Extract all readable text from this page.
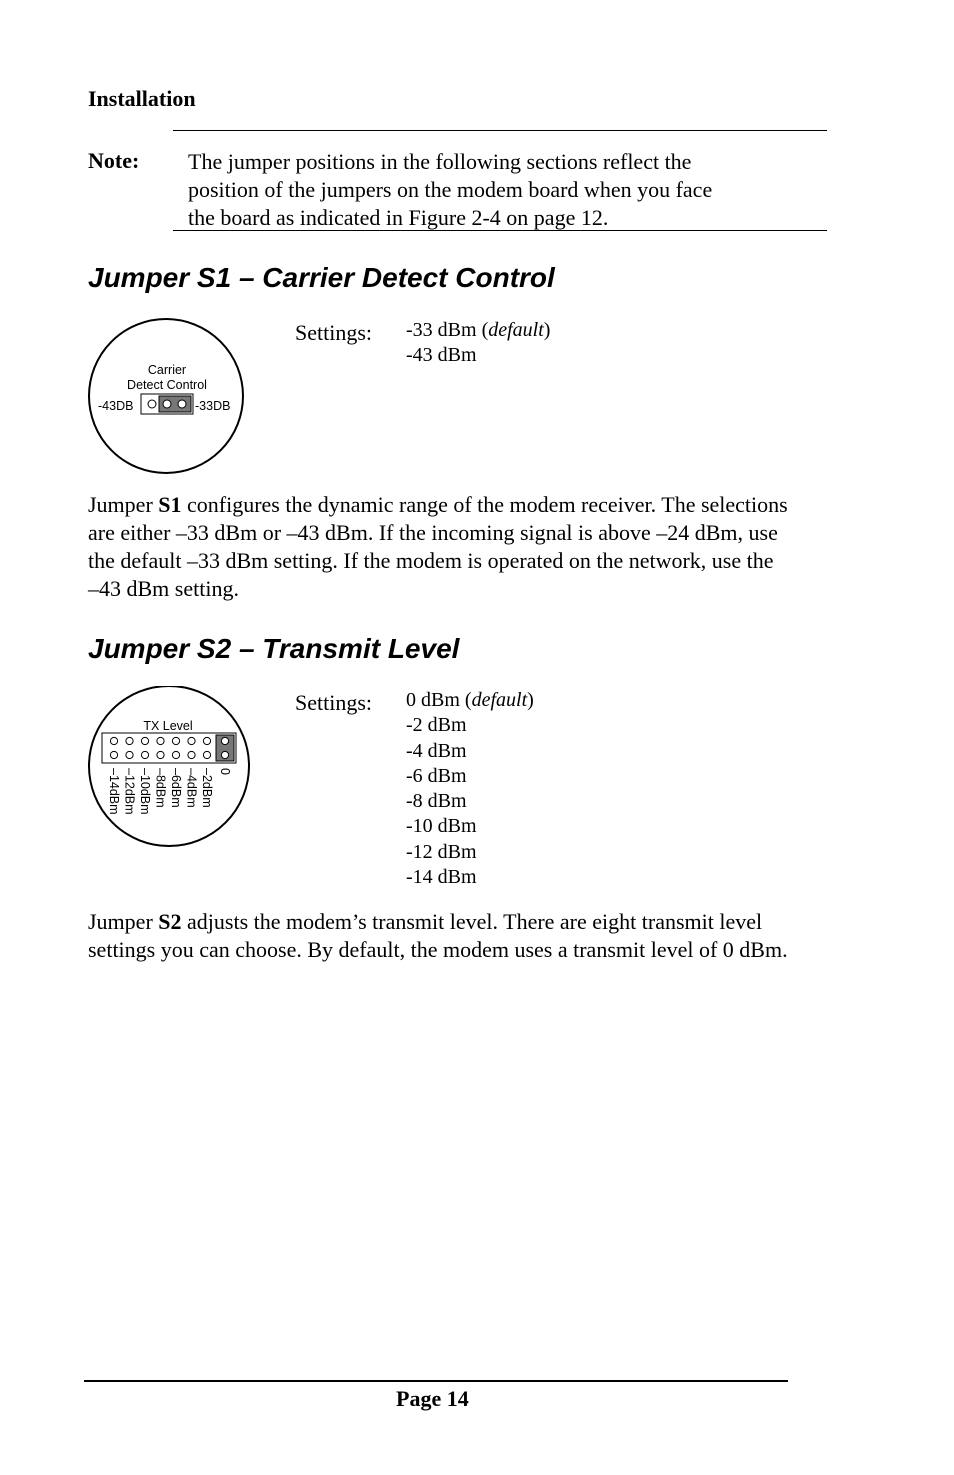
Installation
Note: The jumper positions in the following sections reflect the
position of the jumpers on the modem board when you face
the board as indicated in Figure 2-4 on page 12.
Jumper S1 – Carrier Detect Control
Carrier
Detect Control
-43DB	-33DB
Settings: -33 dBm (default)
-43 dBm
Jumper S1 configures the dynamic range of the modem receiver. The selections are either –33 dBm or –43 dBm. If the incoming signal is above –24 dBm, use the default –33 dBm setting. If the modem is operated on the network, use the –43 dBm setting.
Jumper S2 – Transmit Level
TX Level
–14dBm –12dBm –10dBm –8dBm –6dBm –4dBm –2dBm 0
Settings: 0 dBm (default)
-2 dBm
-4 dBm
-6 dBm
-8 dBm
-10 dBm
-12 dBm
-14 dBm
Jumper S2 adjusts the modem’s transmit level. There are eight transmit level settings you can choose. By default, the modem uses a transmit level of 0 dBm.
Page 14
